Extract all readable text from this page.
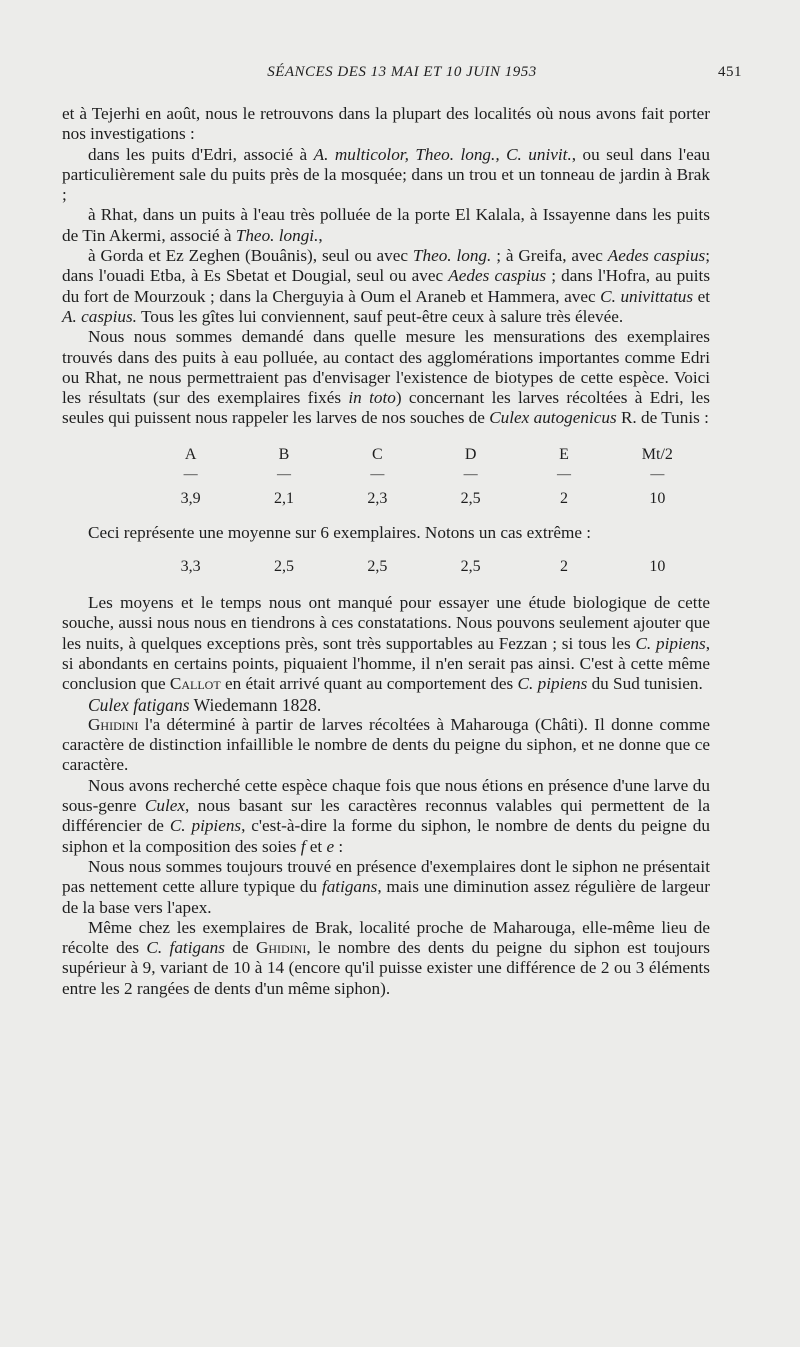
SÉANCES DES 13 MAI ET 10 JUIN 1953	451

et à Tejerhi en août, nous le retrouvons dans la plupart des localités où nous avons fait porter nos investigations :

dans les puits d'Edri, associé à A. multicolor, Theo. long., C. univit., ou seul dans l'eau particulièrement sale du puits près de la mosquée; dans un trou et un tonneau de jardin à Brak ;

à Rhat, dans un puits à l'eau très polluée de la porte El Kalala, à Issayenne dans les puits de Tin Akermi, associé à Theo. longi.,

à Gorda et Ez Zeghen (Bouânis), seul ou avec Theo. long. ; à Greifa, avec Aedes caspius; dans l'ouadi Etba, à Es Sbetat et Dougial, seul ou avec Aedes caspius ; dans l'Hofra, au puits du fort de Mourzouk ; dans la Cherguyia à Oum el Araneb et Hammera, avec C. univittatus et A. caspius. Tous les gîtes lui conviennent, sauf peut-être ceux à salure très élevée.

Nous nous sommes demandé dans quelle mesure les mensurations des exemplaires trouvés dans des puits à eau polluée, au contact des agglomérations importantes comme Edri ou Rhat, ne nous permettraient pas d'envisager l'existence de biotypes de cette espèce. Voici les résultats (sur des exemplaires fixés in toto) concernant les larves récoltées à Edri, les seules qui puissent nous rappeler les larves de nos souches de Culex autogenicus R. de Tunis :

A	B	C	D	E	Mt/2
—	—	—	—	—	—
3,9	2,1	2,3	2,5	2	10

Ceci représente une moyenne sur 6 exemplaires. Notons un cas extrême :

3,3	2,5	2,5	2,5	2	10

Les moyens et le temps nous ont manqué pour essayer une étude biologique de cette souche, aussi nous nous en tiendrons à ces constatations. Nous pouvons seulement ajouter que les nuits, à quelques exceptions près, sont très supportables au Fezzan ; si tous les C. pipiens, si abondants en certains points, piquaient l'homme, il n'en serait pas ainsi. C'est à cette même conclusion que Callot en était arrivé quant au comportement des C. pipiens du Sud tunisien.

Culex fatigans Wiedemann 1828.

Ghidini l'a déterminé à partir de larves récoltées à Maharouga (Châti). Il donne comme caractère de distinction infaillible le nombre de dents du peigne du siphon, et ne donne que ce caractère.

Nous avons recherché cette espèce chaque fois que nous étions en présence d'une larve du sous-genre Culex, nous basant sur les caractères reconnus valables qui permettent de la différencier de C. pipiens, c'est-à-dire la forme du siphon, le nombre de dents du peigne du siphon et la composition des soies f et e :

Nous nous sommes toujours trouvé en présence d'exemplaires dont le siphon ne présentait pas nettement cette allure typique du fatigans, mais une diminution assez régulière de largeur de la base vers l'apex.

Même chez les exemplaires de Brak, localité proche de Maharouga, elle-même lieu de récolte des C. fatigans de Ghidini, le nombre des dents du peigne du siphon est toujours supérieur à 9, variant de 10 à 14 (encore qu'il puisse exister une différence de 2 ou 3 éléments entre les 2 rangées de dents d'un même siphon).
